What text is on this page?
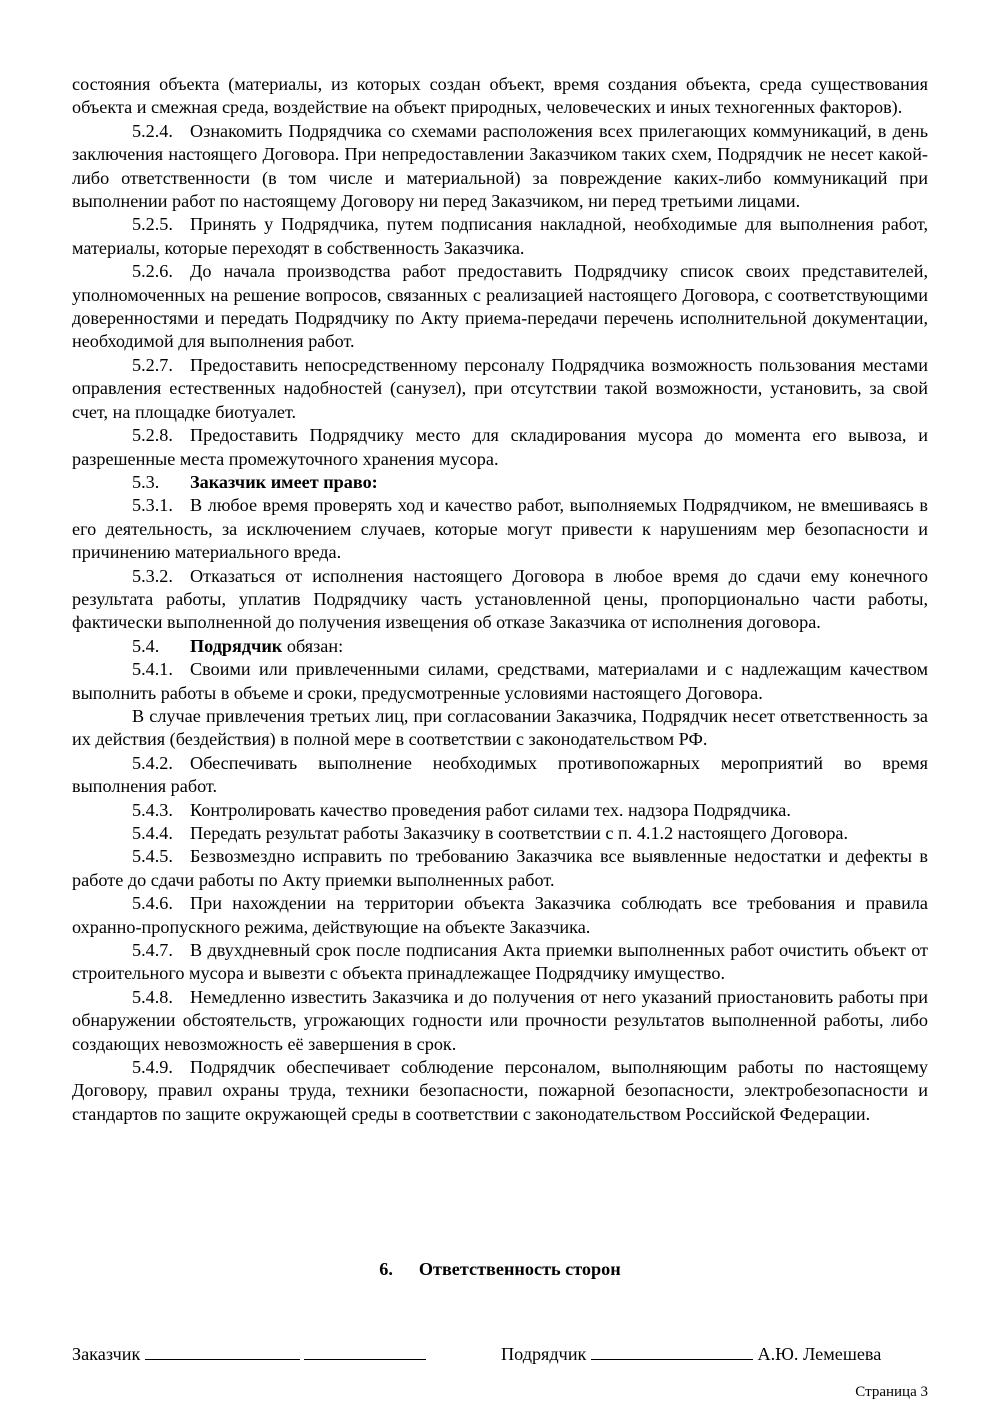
состояния объекта (материалы, из которых создан объект, время создания объекта, среда существования объекта и смежная среда, воздействие на объект природных, человеческих и иных техногенных факторов).

5.2.4. Ознакомить Подрядчика со схемами расположения всех прилегающих коммуникаций, в день заключения настоящего Договора. При непредоставлении Заказчиком таких схем, Подрядчик не несет какой-либо ответственности (в том числе и материальной) за повреждение каких-либо коммуникаций при выполнении работ по настоящему Договору ни перед Заказчиком, ни перед третьими лицами.

5.2.5. Принять у Подрядчика, путем подписания накладной, необходимые для выполнения работ, материалы, которые переходят в собственность Заказчика.

5.2.6. До начала производства работ предоставить Подрядчику список своих представителей, уполномоченных на решение вопросов, связанных с реализацией настоящего Договора, с соответствующими доверенностями и передать Подрядчику по Акту приема-передачи перечень исполнительной документации, необходимой для выполнения работ.

5.2.7. Предоставить непосредственному персоналу Подрядчика возможность пользования местами оправления естественных надобностей (санузел), при отсутствии такой возможности, установить, за свой счет, на площадке биотуалет.

5.2.8. Предоставить Подрядчику место для складирования мусора до момента его вывоза, и разрешенные места промежуточного хранения мусора.

5.3. Заказчик имеет право:

5.3.1. В любое время проверять ход и качество работ, выполняемых Подрядчиком, не вмешиваясь в его деятельность, за исключением случаев, которые могут привести к нарушениям мер безопасности и причинению материального вреда.

5.3.2. Отказаться от исполнения настоящего Договора в любое время до сдачи ему конечного результата работы, уплатив Подрядчику часть установленной цены, пропорционально части работы, фактически выполненной до получения извещения об отказе Заказчика от исполнения договора.

5.4. Подрядчик обязан:

5.4.1. Своими или привлеченными силами, средствами, материалами и с надлежащим качеством выполнить работы в объеме и сроки, предусмотренные условиями настоящего Договора.

В случае привлечения третьих лиц, при согласовании Заказчика, Подрядчик несет ответственность за их действия (бездействия) в полной мере в соответствии с законодательством РФ.

5.4.2. Обеспечивать выполнение необходимых противопожарных мероприятий во время выполнения работ.

5.4.3. Контролировать качество проведения работ силами тех. надзора Подрядчика.

5.4.4. Передать результат работы Заказчику в соответствии с п. 4.1.2 настоящего Договора.

5.4.5. Безвозмездно исправить по требованию Заказчика все выявленные недостатки и дефекты в работе до сдачи работы по Акту приемки выполненных работ.

5.4.6. При нахождении на территории объекта Заказчика соблюдать все требования и правила охранно-пропускного режима, действующие на объекте Заказчика.

5.4.7. В двухдневный срок после подписания Акта приемки выполненных работ очистить объект от строительного мусора и вывезти с объекта принадлежащее Подрядчику имущество.

5.4.8. Немедленно известить Заказчика и до получения от него указаний приостановить работы при обнаружении обстоятельств, угрожающих годности или прочности результатов выполненной работы, либо создающих невозможность её завершения в срок.

5.4.9. Подрядчик обеспечивает соблюдение персоналом, выполняющим работы по настоящему Договору, правил охраны труда, техники безопасности, пожарной безопасности, электробезопасности и стандартов по защите окружающей среды в соответствии с законодательством Российской Федерации.

6. Ответственность сторон
Заказчик	Подрядчик	А.Ю. Лемешева
Страница 3
